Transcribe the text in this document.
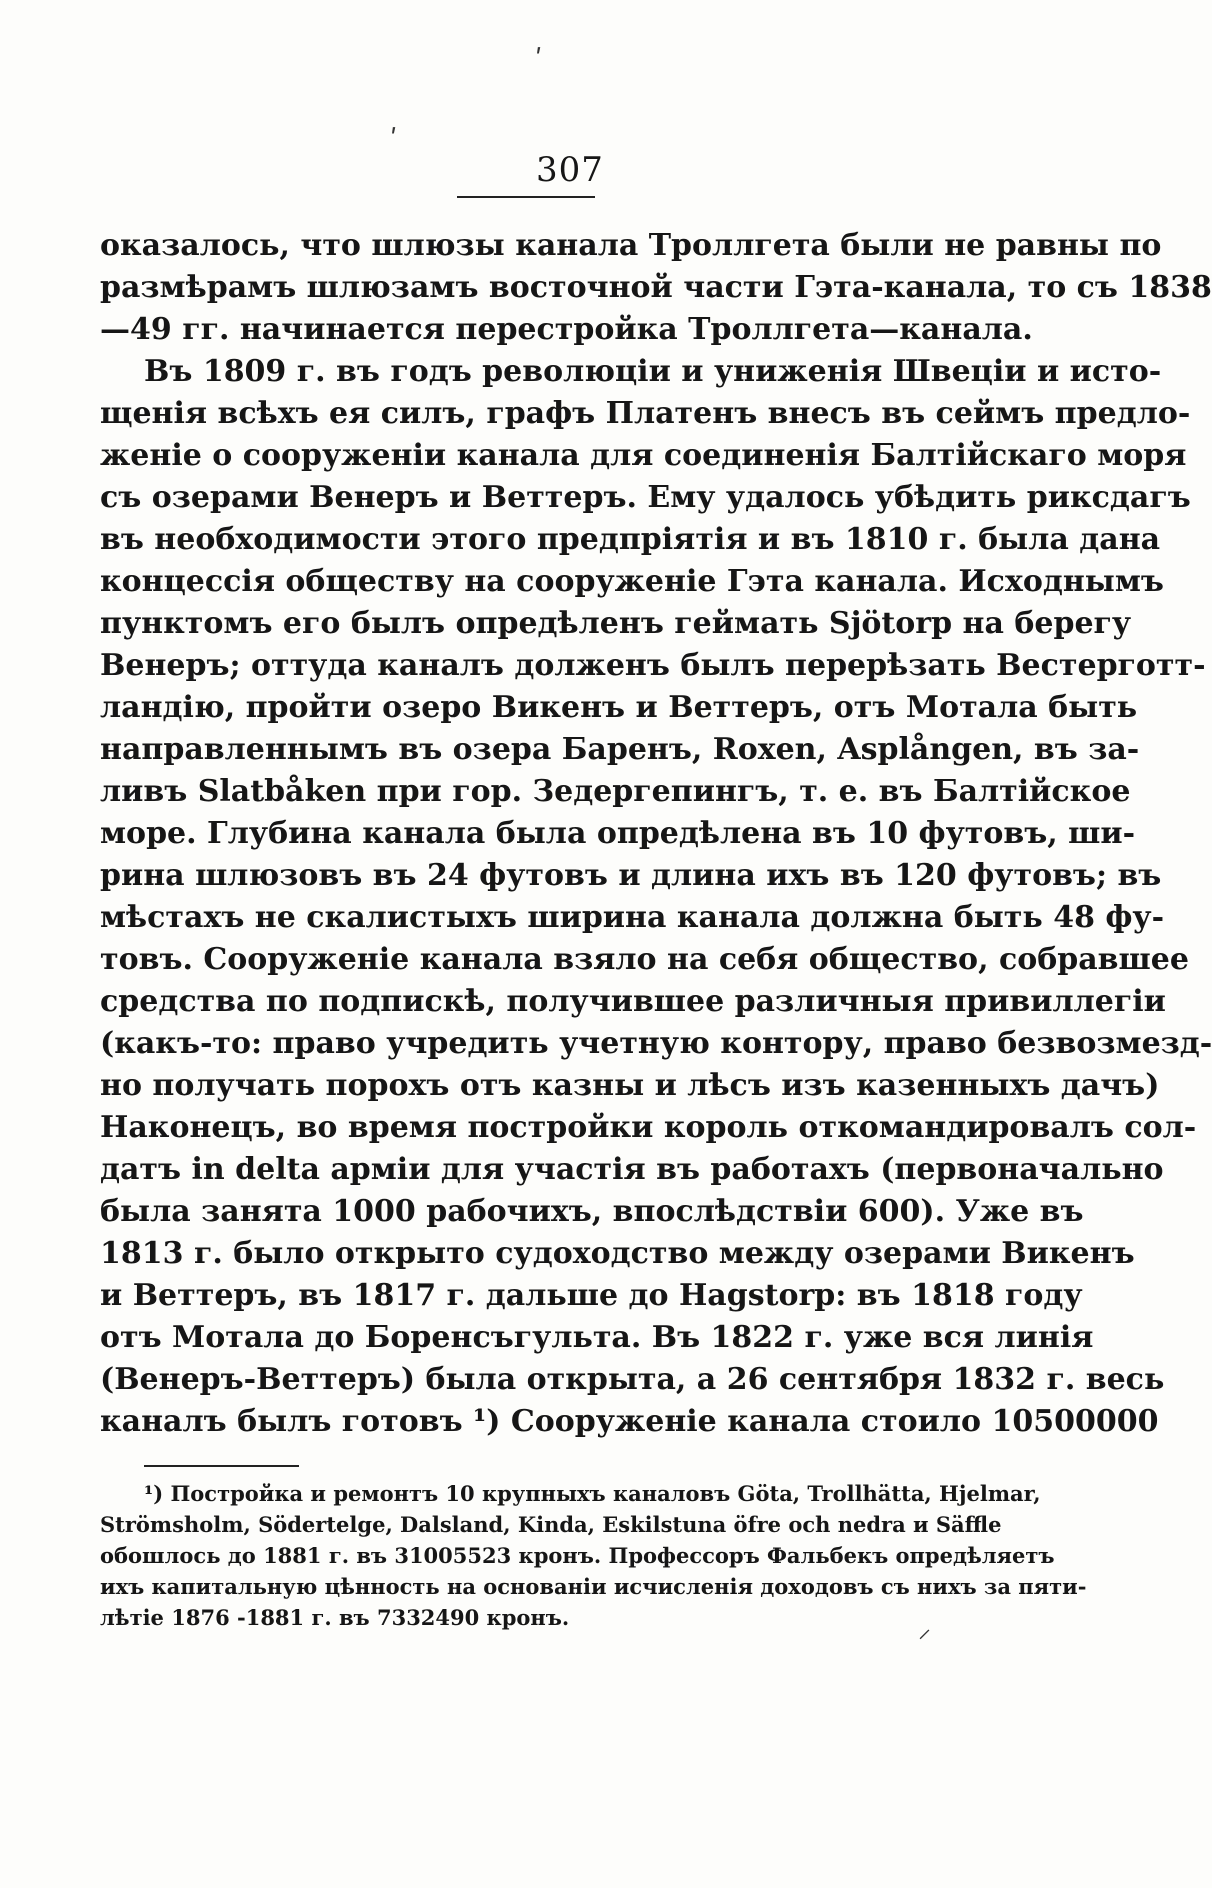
ʹ
ʹ
307
оказалось, что шлюзы канала Троллгета были не равны по
размѣрамъ шлюзамъ восточной части Гэта-канала, то съ 1838
—49 гг. начинается перестройка Троллгета—канала.
Въ 1809 г. въ годъ революціи и униженія Швеціи и исто-
щенія всѣхъ ея силъ, графъ Платенъ внесъ въ сеймъ предло-
женіе о сооруженіи канала для соединенія Балтійскаго моря
съ озерами Венеръ и Веттеръ. Ему удалось убѣдить риксдагъ
въ необходимости этого предпріятія и въ 1810 г. была дана
концессія обществу на сооруженіе Гэта канала. Исходнымъ
пунктомъ его былъ опредѣленъ геймать Sjötorp на берегу
Венеръ; оттуда каналъ долженъ былъ перерѣзать Вестерготт-
ландію, пройти озеро Викенъ и Веттеръ, отъ Мотала быть
направленнымъ въ озера Баренъ, Roxen, Asplången, въ за-
ливъ Slatbåken при гор. Зедергепингъ, т. е. въ Балтійское
море. Глубина канала была опредѣлена въ 10 футовъ, ши-
рина шлюзовъ въ 24 футовъ и длина ихъ въ 120 футовъ; въ
мѣстахъ не скалистыхъ ширина канала должна быть 48 фу-
товъ. Сооруженіе канала взяло на себя общество, собравшее
средства по подпискѣ, получившее различныя привиллегіи
(какъ-то: право учредить учетную контору, право безвозмезд-
но получать порохъ отъ казны и лѣсъ изъ казенныхъ дачъ)
Наконецъ, во время постройки король откомандировалъ сол-
датъ in delta арміи для участія въ работахъ (первоначально
была занята 1000 рабочихъ, впослѣдствіи 600). Уже въ
1813 г. было открыто судоходство между озерами Викенъ
и Веттеръ, въ 1817 г. дальше до Hagstorp: въ 1818 году
отъ Мотала до Боренсъгульта. Въ 1822 г. уже вся линія
(Венеръ-Веттеръ) была открыта, а 26 сентября 1832 г. весь
каналъ былъ готовъ ¹) Сооруженіе канала стоило 10500000
¹) Постройка и ремонтъ 10 крупныхъ каналовъ Göta, Trollhätta, Hjelmar,
Strömsholm, Södertelge, Dalsland, Kinda, Eskilstuna öfre och nedra и Säffle
обошлось до 1881 г. въ 31005523 кронъ. Профессоръ Фальбекъ опредѣляетъ
ихъ капитальную цѣнность на основаніи исчисленія доходовъ съ нихъ за пяти-
лѣтіе 1876 -1881 г. въ 7332490 кронъ.
⸍
